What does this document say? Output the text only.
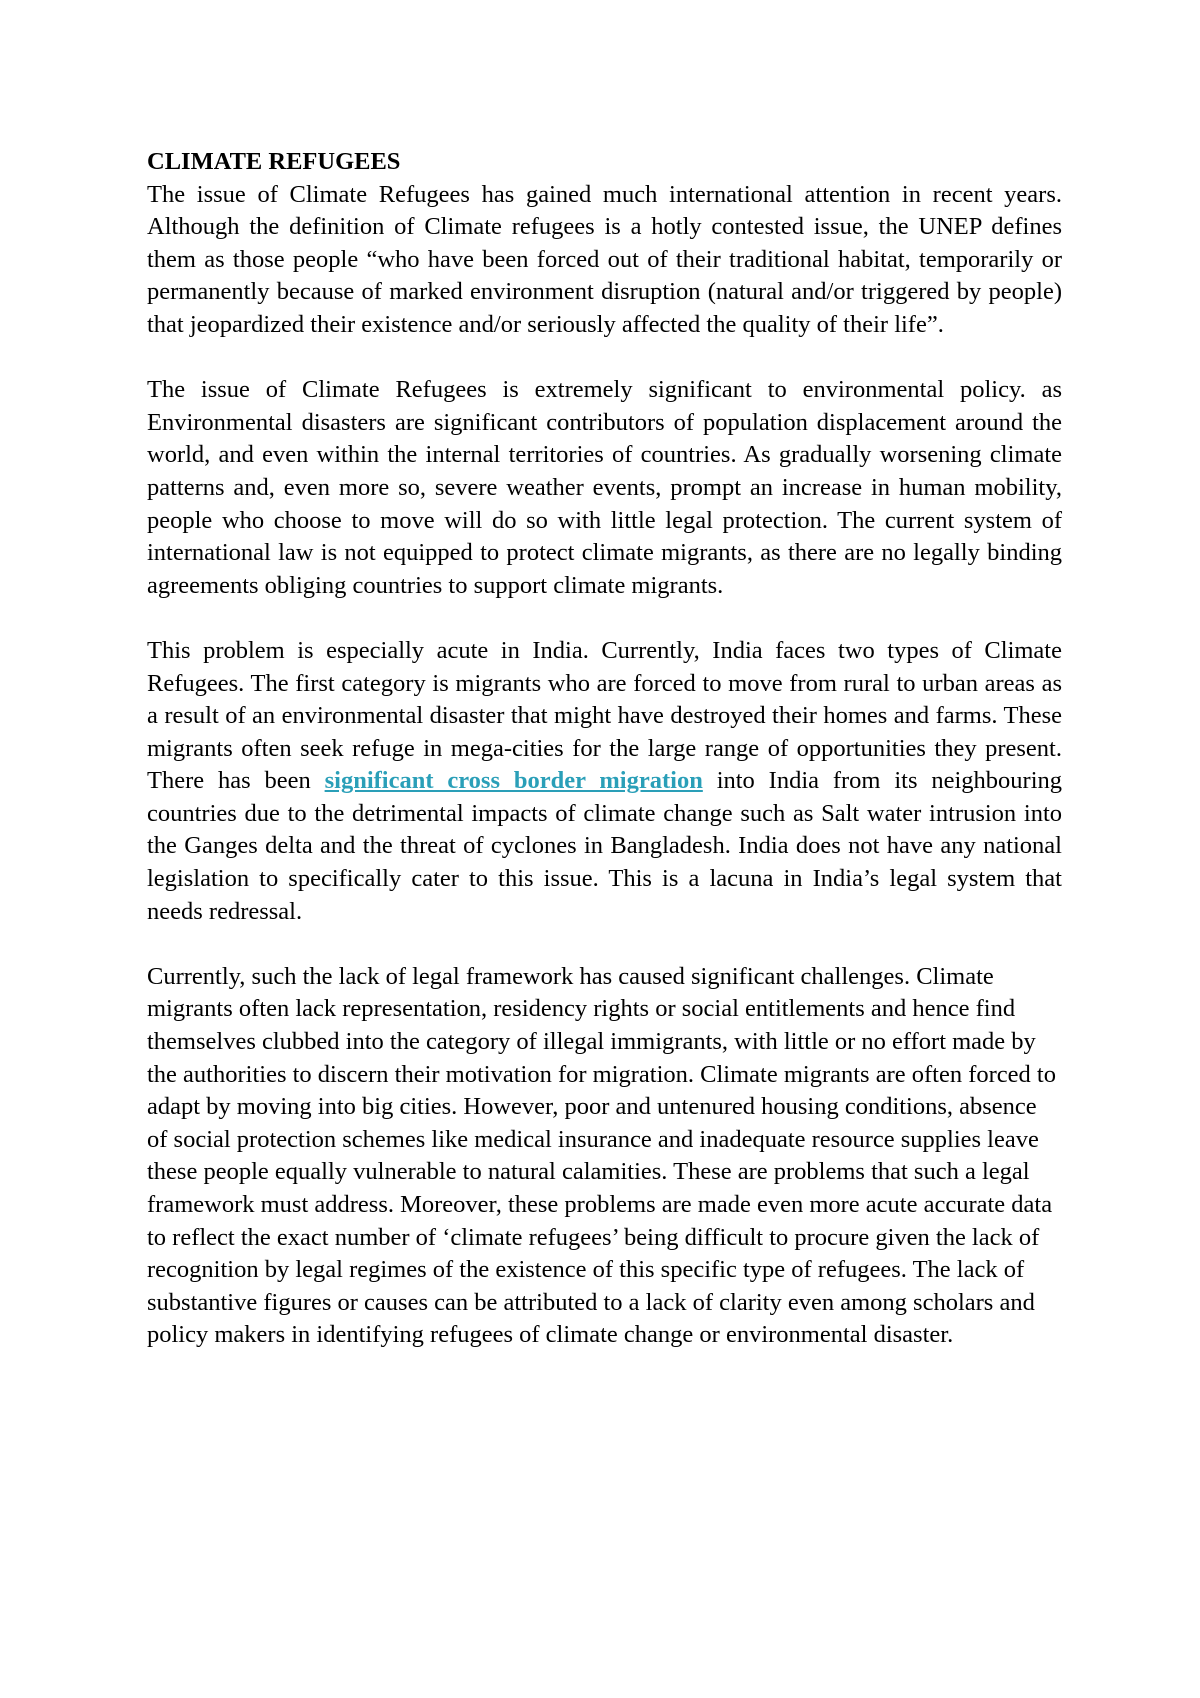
CLIMATE REFUGEES

The issue of Climate Refugees has gained much international attention in recent years. Although the definition of Climate refugees is a hotly contested issue, the UNEP defines them as those people “who have been forced out of their traditional habitat, temporarily or permanently because of marked environment disruption (natural and/or triggered by people) that jeopardized their existence and/or seriously affected the quality of their life”.

The issue of Climate Refugees is extremely significant to environmental policy. as Environmental disasters are significant contributors of population displacement around the world, and even within the internal territories of countries. As gradually worsening climate patterns and, even more so, severe weather events, prompt an increase in human mobility, people who choose to move will do so with little legal protection. The current system of international law is not equipped to protect climate migrants, as there are no legally binding agreements obliging countries to support climate migrants.

This problem is especially acute in India. Currently, India faces two types of Climate Refugees. The first category is migrants who are forced to move from rural to urban areas as a result of an environmental disaster that might have destroyed their homes and farms. These migrants often seek refuge in mega-cities for the large range of opportunities they present. There has been significant cross border migration into India from its neighbouring countries due to the detrimental impacts of climate change such as Salt water intrusion into the Ganges delta and the threat of cyclones in Bangladesh. India does not have any national legislation to specifically cater to this issue. This is a lacuna in India’s legal system that needs redressal.

Currently, such the lack of legal framework has caused significant challenges. Climate migrants often lack representation, residency rights or social entitlements and hence find themselves clubbed into the category of illegal immigrants, with little or no effort made by the authorities to discern their motivation for migration. Climate migrants are often forced to adapt by moving into big cities. However, poor and untenured housing conditions, absence of social protection schemes like medical insurance and inadequate resource supplies leave these people equally vulnerable to natural calamities. These are problems that such a legal framework must address. Moreover, these problems are made even more acute accurate data to reflect the exact number of ‘climate refugees’ being difficult to procure given the lack of recognition by legal regimes of the existence of this specific type of refugees. The lack of substantive figures or causes can be attributed to a lack of clarity even among scholars and policy makers in identifying refugees of climate change or environmental disaster.
